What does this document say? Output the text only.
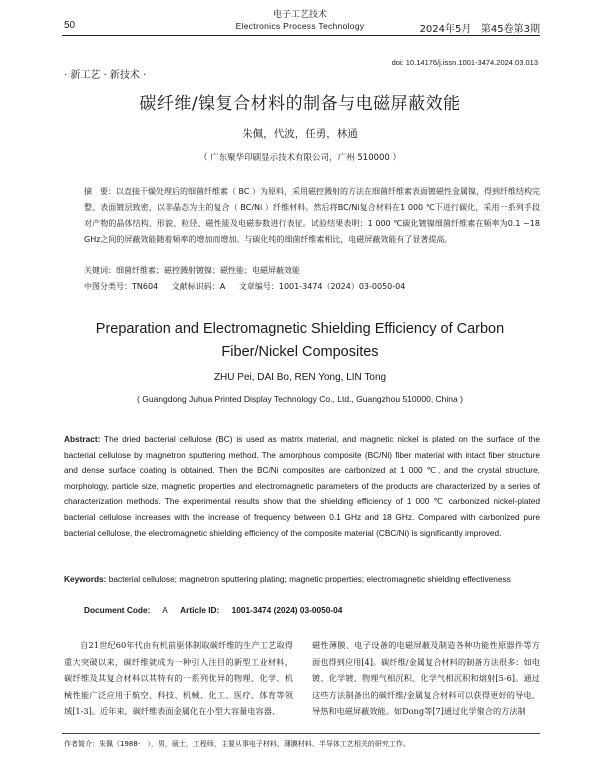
50
电子工艺技术
Electronics Process Technology	2024年5月   第45卷第3期
doi: 10.14176/j.issn.1001-3474.2024.03.013
· 新工艺 · 新技术 ·
碳纤维/镍复合材料的制备与电磁屏蔽效能
朱佩，代波，任勇，林通
（ 广东聚华印刷显示技术有限公司，广州 510000 ）
摘　要：以直接干燥处理后的细菌纤维素（ BC ）为原料，采用磁控溅射的方法在细菌纤维素表面镀磁性金属镍，得到纤维结构完整、表面镀层致密、以非晶态为主的复合（ BC/Ni ）纤维材料。然后将BC/Ni复合材料在1 000 ℃下进行碳化，采用一系列手段对产物的晶体结构、形貌、粒径、磁性能及电磁参数进行表征。试验结果表明：1 000 ℃碳化镀镍细菌纤维素在频率为0.1 ~18 GHz之间的屏蔽效能随着频率的增加而增加。与碳化纯的细菌纤维素相比，电磁屏蔽效能有了显著提高。
关键词：细菌纤维素；磁控溅射镀镍；磁性能；电磁屏蔽效能
中图分类号：TN604   文献标识码：A   文章编号：1001-3474（2024）03-0050-04
Preparation and Electromagnetic Shielding Efficiency of Carbon Fiber/Nickel Composites
ZHU Pei, DAI Bo, REN Yong, LIN Tong
( Guangdong Juhua Printed Display Technology Co., Ltd., Guangzhou 510000, China )
Abstract: The dried bacterial cellulose (BC) is used as matrix material, and magnetic nickel is plated on the surface of the bacterial cellulose by magnetron sputtering method. The amorphous composite (BC/Ni) fiber material with intact fiber structure and dense surface coating is obtained. Then the BC/Ni composites are carbonized at 1 000 ℃, and the crystal structure, morphology, particle size, magnetic properties and electromagnetic parameters of the products are characterized by a series of characterization methods. The experimental results show that the shielding efficiency of 1 000 ℃ carbonized nickel-plated bacterial cellulose increases with the increase of frequency between 0.1 GHz and 18 GHz. Compared with carbonized pure bacterial cellulose, the electromagnetic shielding efficiency of the composite material (CBC/Ni) is significantly improved.
Keywords: bacterial cellulose; magnetron sputtering plating; magnetic properties; electromagnetic shielding effectiveness
Document Code: A Article ID: 1001-3474 (2024) 03-0050-04
自21世纪60年代由有机前驱体制取碳纤维的生产工艺取得重大突破以来，碳纤维就成为一种引人注目的新型工业材料，碳纤维及其复合材料以其特有的一系列优异的物理、化学、机械性能广泛应用于航空、科技、机械、化工、医疗、体育等领域[1-3]。近年来，碳纤维表面金属化在小型大容量电容器、
磁性薄膜、电子设备的电磁屏蔽及制造各种功能性原器件等方面也得到应用[4]。碳纤维/金属复合材料的制备方法很多：如电镀、化学镀、物理气相沉积、化学气相沉积和熔射[5-6]。通过这些方法制备出的碳纤维/金属复合材料可以获得更好的导电、导热和电磁屏蔽效能。如Dong等[7]通过化学聚合的方法制
作者简介：朱佩（1988-　），男，硕士，工程师，主要从事电子材料、薄膜材料、半导体工艺相关的研究工作。
